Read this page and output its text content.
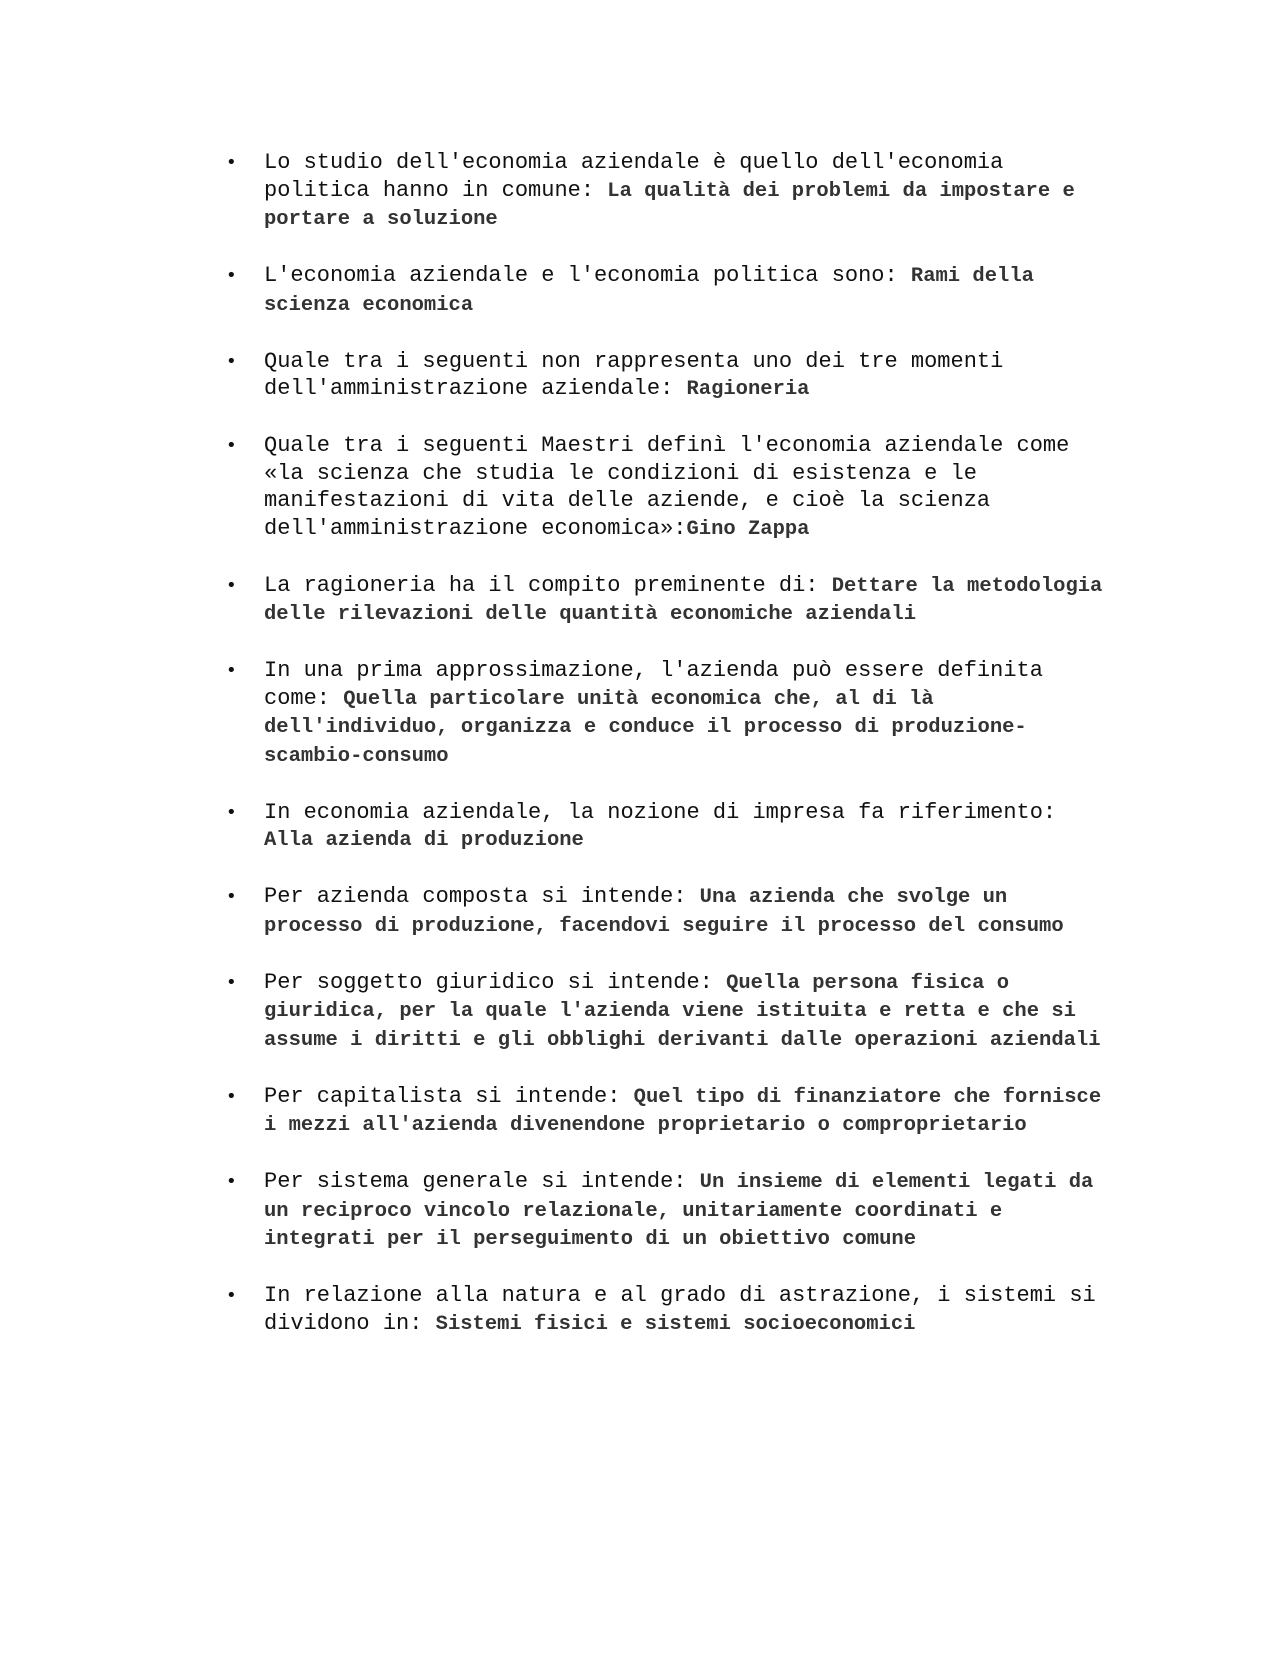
•	Lo studio dell'economia aziendale è quello dell'economia politica hanno in comune: La qualità dei problemi da impostare e portare a soluzione
•	L'economia aziendale e l'economia politica sono: Rami della scienza economica
•	Quale tra i seguenti non rappresenta uno dei tre momenti dell'amministrazione aziendale: Ragioneria
•	Quale tra i seguenti Maestri definì l'economia aziendale come «la scienza che studia le condizioni di esistenza e le manifestazioni di vita delle aziende, e cioè la scienza dell'amministrazione economica»:Gino Zappa
•	La ragioneria ha il compito preminente di: Dettare la metodologia delle rilevazioni delle quantità economiche aziendali
•	In una prima approssimazione, l'azienda può essere definita come: Quella particolare unità economica che, al di là dell'individuo, organizza e conduce il processo di produzione-scambio-consumo
•	In economia aziendale, la nozione di impresa fa riferimento: Alla azienda di produzione
•	Per azienda composta si intende: Una azienda che svolge un processo di produzione, facendovi seguire il processo del consumo
•	Per soggetto giuridico si intende: Quella persona fisica o giuridica, per la quale l'azienda viene istituita e retta e che si assume i diritti e gli obblighi derivanti dalle operazioni aziendali
•	Per capitalista si intende: Quel tipo di finanziatore che fornisce i mezzi all'azienda divenendone proprietario o comproprietario
•	Per sistema generale si intende: Un insieme di elementi legati da un reciproco vincolo relazionale, unitariamente coordinati e integrati per il perseguimento di un obiettivo comune
•	In relazione alla natura e al grado di astrazione, i sistemi si dividono in: Sistemi fisici e sistemi socioeconomici
